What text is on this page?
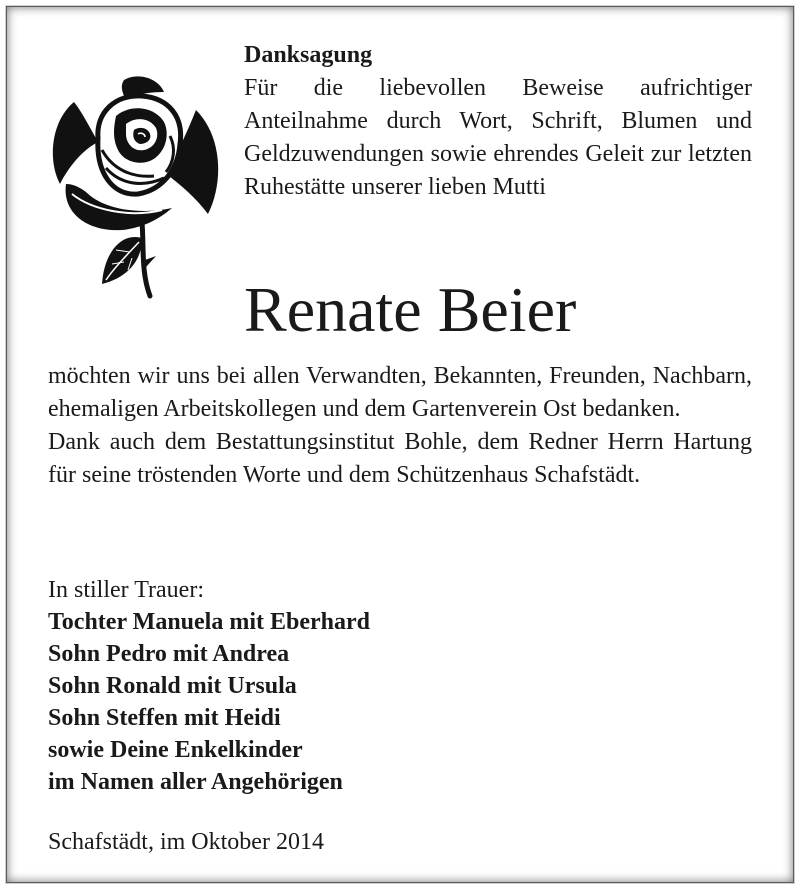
Danksagung
Für die liebevollen Beweise aufrichtiger Anteilnahme durch Wort, Schrift, Blumen und Geldzuwendungen sowie ehrendes Geleit zur letzten Ruhestätte unserer lieben Mutti
Renate Beier
möchten wir uns bei allen Verwandten, Bekannten, Freunden, Nachbarn, ehemaligen Arbeitskollegen und dem Gartenverein Ost bedanken.
Dank auch dem Bestattungsinstitut Bohle, dem Redner Herrn Hartung für seine tröstenden Worte und dem Schützenhaus Schafstädt.
In stiller Trauer:
Tochter Manuela mit Eberhard
Sohn Pedro mit Andrea
Sohn Ronald mit Ursula
Sohn Steffen mit Heidi
sowie Deine Enkelkinder
im Namen aller Angehörigen
Schafstädt, im Oktober 2014
